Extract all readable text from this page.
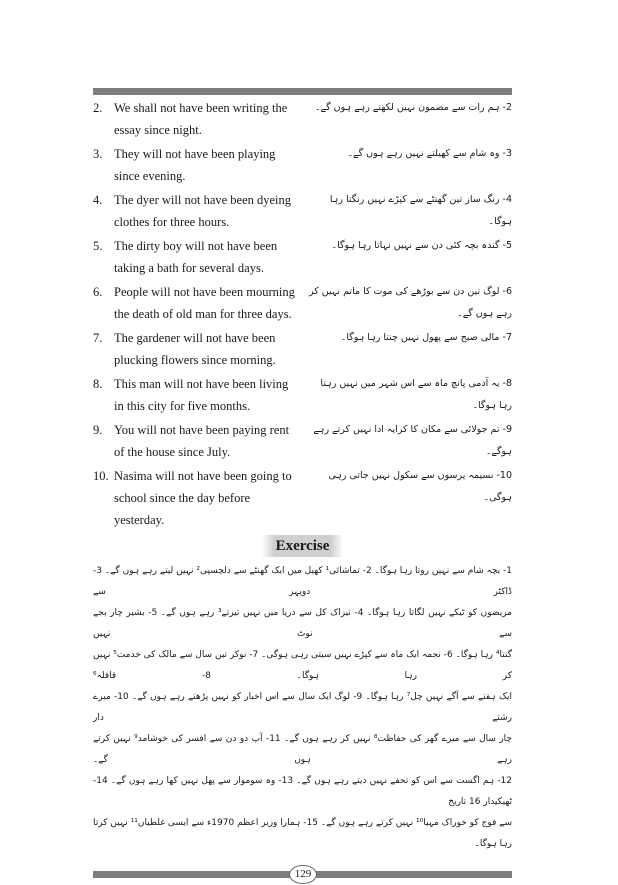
2. We shall not have been writing the essay since night.
2- ہم رات سے مضمون نہیں لکھتے رہے ہوں گے۔
3. They will not have been playing since evening.
3- وہ شام سے کھیلتے نہیں رہے ہوں گے۔
4. The dyer will not have been dyeing clothes for three hours.
4- رنگ ساز تین گھنٹے سے کپڑے نہیں رنگتا رہا ہوگا۔
5. The dirty boy will not have been taking a bath for several days.
5- گندہ بچہ کئی دن سے نہیں نہاتا رہا ہوگا۔
6. People will not have been mourning the death of old man for three days.
6- لوگ تین دن سے بوڑھے کی موت کا ماتم نہیں کر رہے ہوں گے۔
7. The gardener will not have been plucking flowers since morning.
7- مالی صبح سے پھول نہیں چنتا رہا ہوگا۔
8. This man will not have been living in this city for five months.
8- یہ آدمی پانچ ماہ سے اس شہر میں نہیں رہتا رہا ہوگا۔
9. You will not have been paying rent of the house since July.
9- تم جولائی سے مکان کا کرایہ ادا نہیں کرتے رہے ہوگے۔
10. Nasima will not have been going to school since the day before yesterday.
10- نسیمہ پرسوں سے سکول نہیں جاتی رہی ہوگی۔
Exercise
1- بچہ شام سے نہیں روتا رہا ہوگا۔ 2- تماشائی¹ کھیل میں ایک گھنٹے سے دلچسپی² نہیں لیتے رہے ہوں گے۔ 3- ڈاکٹر دوپہر سے
مریضوں کو ٹیکے نہیں لگاتا رہا ہوگا۔ 4- تیراک کل سے دریا میں نہیں تیرتے³ رہے ہوں گے۔ 5- بشیر چار بجے سے نوٹ نہیں
گنتا⁴ رہا ہوگا۔ 6- نجمہ ایک ماہ سے کپڑے نہیں سیتی رہی ہوگی۔ 7- نوکر تین سال سے مالک کی خدمت⁵ نہیں کر رہا ہوگا۔ 8- قافلہ⁶
ایک ہفتے سے آگے نہیں چل⁷ رہا ہوگا۔ 9- لوگ ایک سال سے اس اخبار کو نہیں پڑھتے رہے ہوں گے۔ 10- میرے رشتے دار
چار سال سے میرے گھر کی حفاظت⁸ نہیں کر رہے ہوں گے۔ 11- آپ دو دن سے افسر کی خوشامد⁹ نہیں کرتے رہے ہوں گے۔
12- ہم اگست سے اس کو تحفے نہیں دیتے رہے ہوں گے۔ 13- وہ سوموار سے پھل نہیں کھا رہے ہوں گے۔ 14- ٹھیکیدار 16 تاریخ
سے فوج کو خوراک مہیا¹⁰ نہیں کرتے رہے ہوں گے۔ 15- ہمارا وزیر اعظم 1970ء سے ایسی غلطیاں¹¹ نہیں کرتا رہا ہوگا۔
129
